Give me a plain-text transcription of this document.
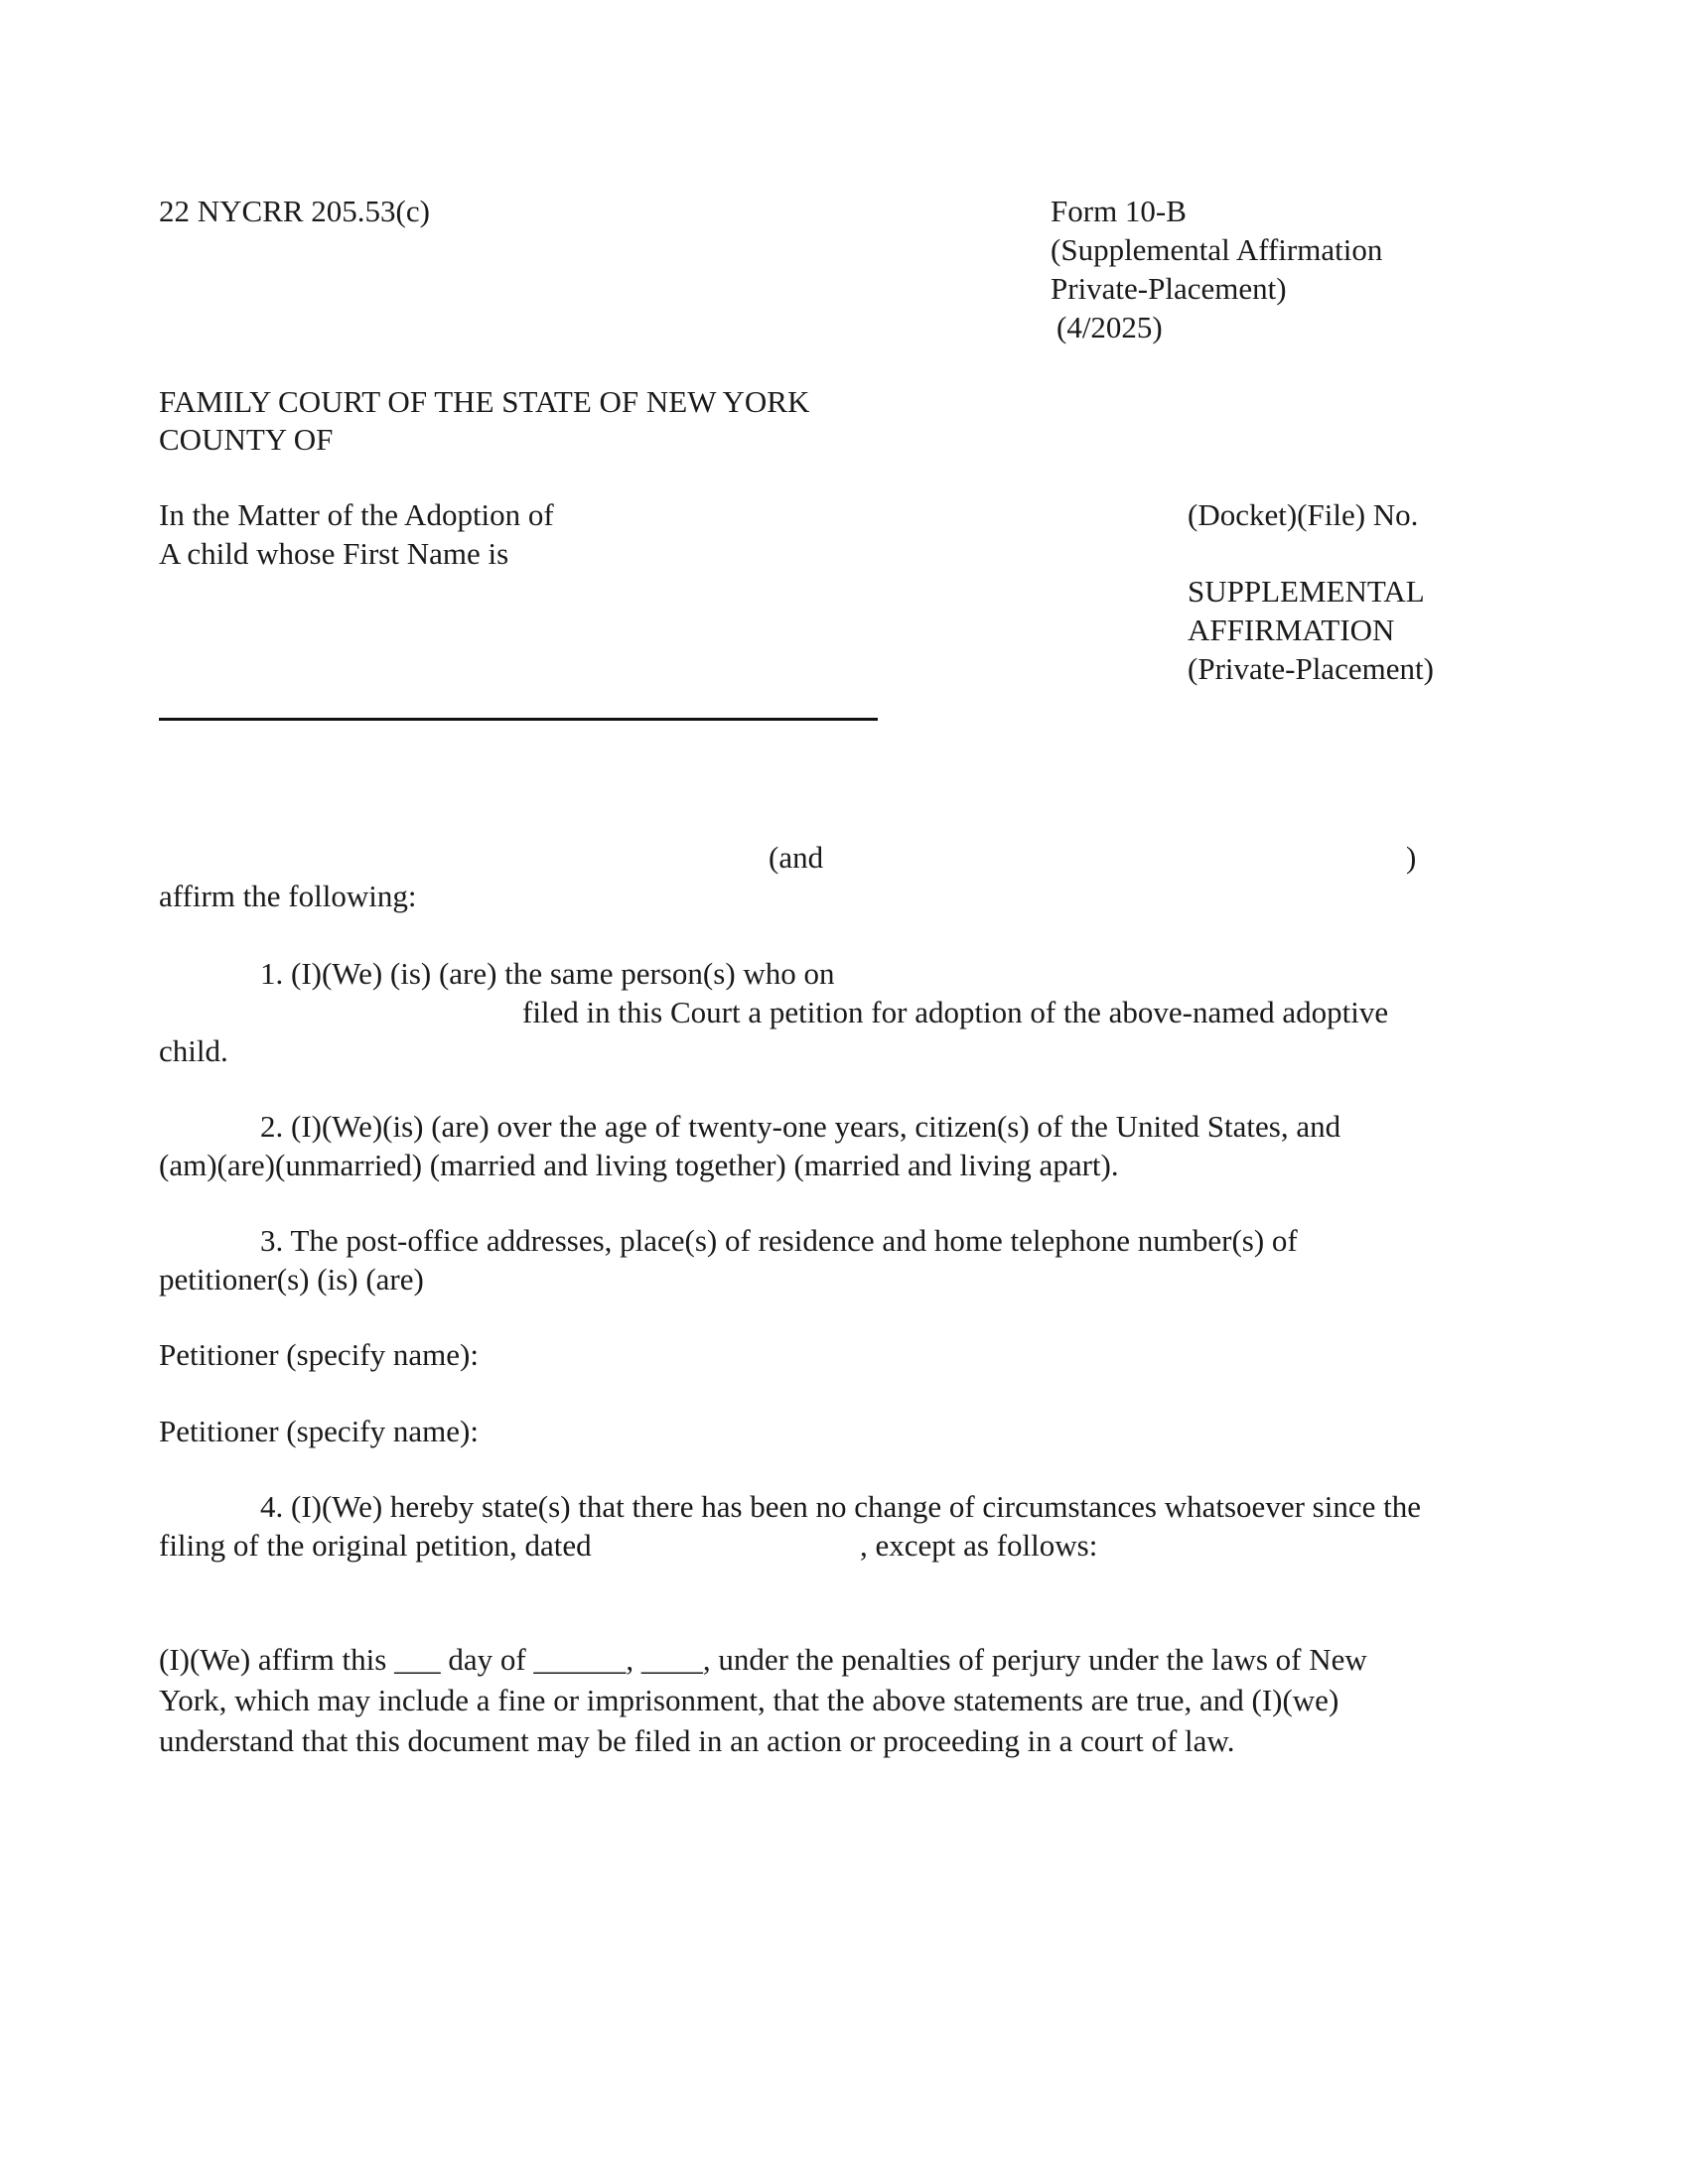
22 NYCRR 205.53(c)	Form 10-B
(Supplemental Affirmation
Private-Placement)
(4/2025)
FAMILY COURT OF THE STATE OF NEW YORK
COUNTY OF
In the Matter of the Adoption of
A child whose First Name is
(Docket)(File) No.
SUPPLEMENTAL
AFFIRMATION
(Private-Placement)
(and	)
affirm the following:
1. (I)(We) (is) (are) the same person(s) who on
filed in this Court a petition for adoption of the above-named adoptive
child.
2. (I)(We)(is) (are) over the age of twenty-one years, citizen(s) of the United States, and
(am)(are)(unmarried) (married and living together) (married and living apart).
3. The post-office addresses, place(s) of residence and home telephone number(s) of
petitioner(s) (is) (are)
Petitioner (specify name):
Petitioner (specify name):
4. (I)(We) hereby state(s) that there has been no change of circumstances whatsoever since the
filing of the original petition, dated	, except as follows:
(I)(We) affirm this ___ day of ______, ____, under the penalties of perjury under the laws of New
York, which may include a fine or imprisonment, that the above statements are true, and (I)(we)
understand that this document may be filed in an action or proceeding in a court of law.
